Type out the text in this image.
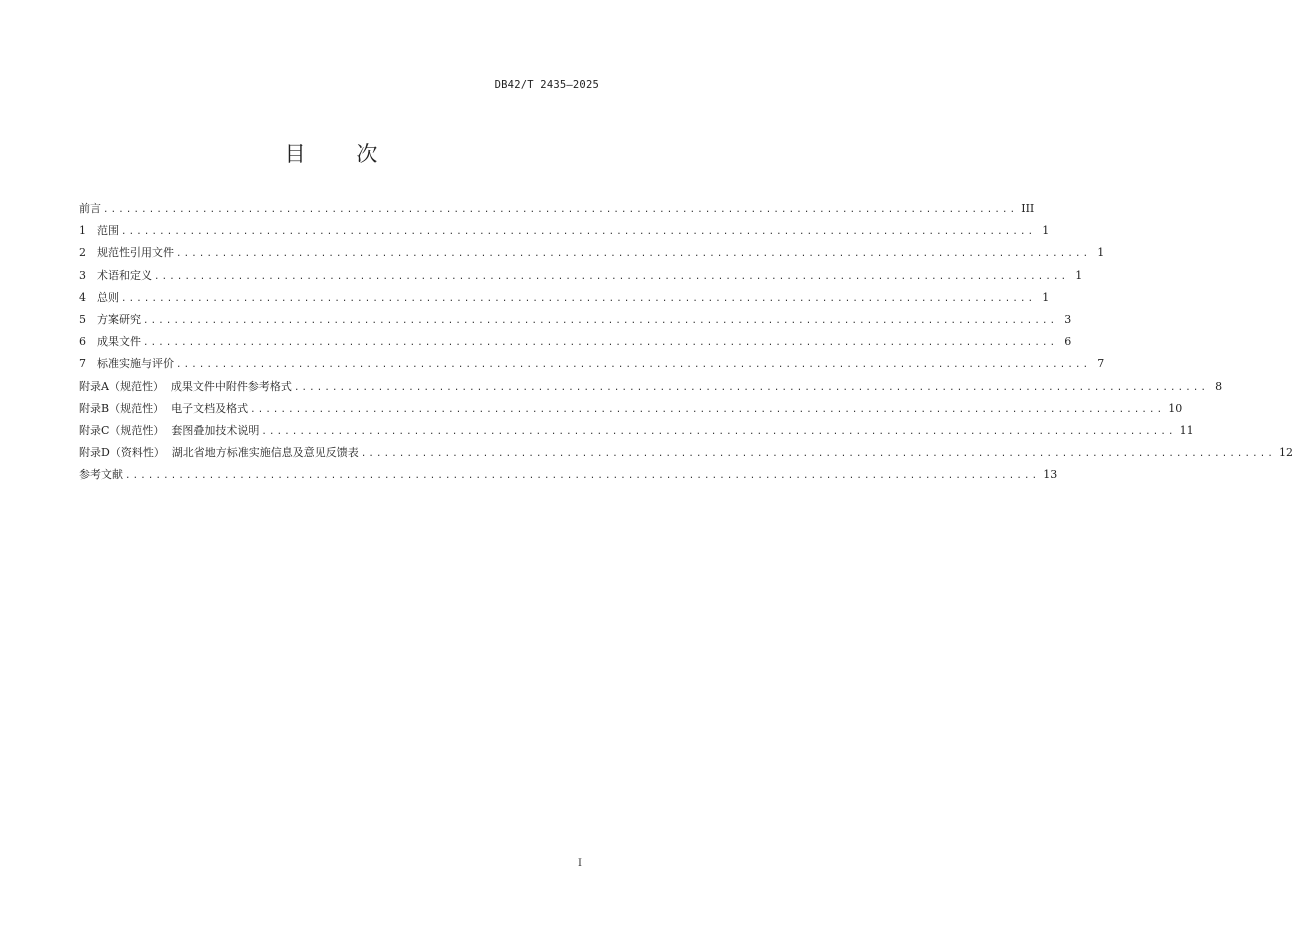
DB42/T 2435—2025
目 次
前言 ........................................................................................................................ III
1	范围 ........................................................................................................................ 1
2	规范性引用文件 ........................................................................................................................ 1
3	术语和定义 ........................................................................................................................ 1
4	总则 ........................................................................................................................ 1
5	方案研究 ........................................................................................................................ 3
6	成果文件 ........................................................................................................................ 6
7	标准实施与评价 ........................................................................................................................ 7
附录A（规范性）  成果文件中附件参考格式 ........................................................................................................................ 8
附录B（规范性）  电子文档及格式 ........................................................................................................................ 10
附录C（规范性）  套图叠加技术说明 ........................................................................................................................ 11
附录D（资料性）  湖北省地方标准实施信息及意见反馈表 ........................................................................................................................ 12
参考文献 ........................................................................................................................ 13
I
